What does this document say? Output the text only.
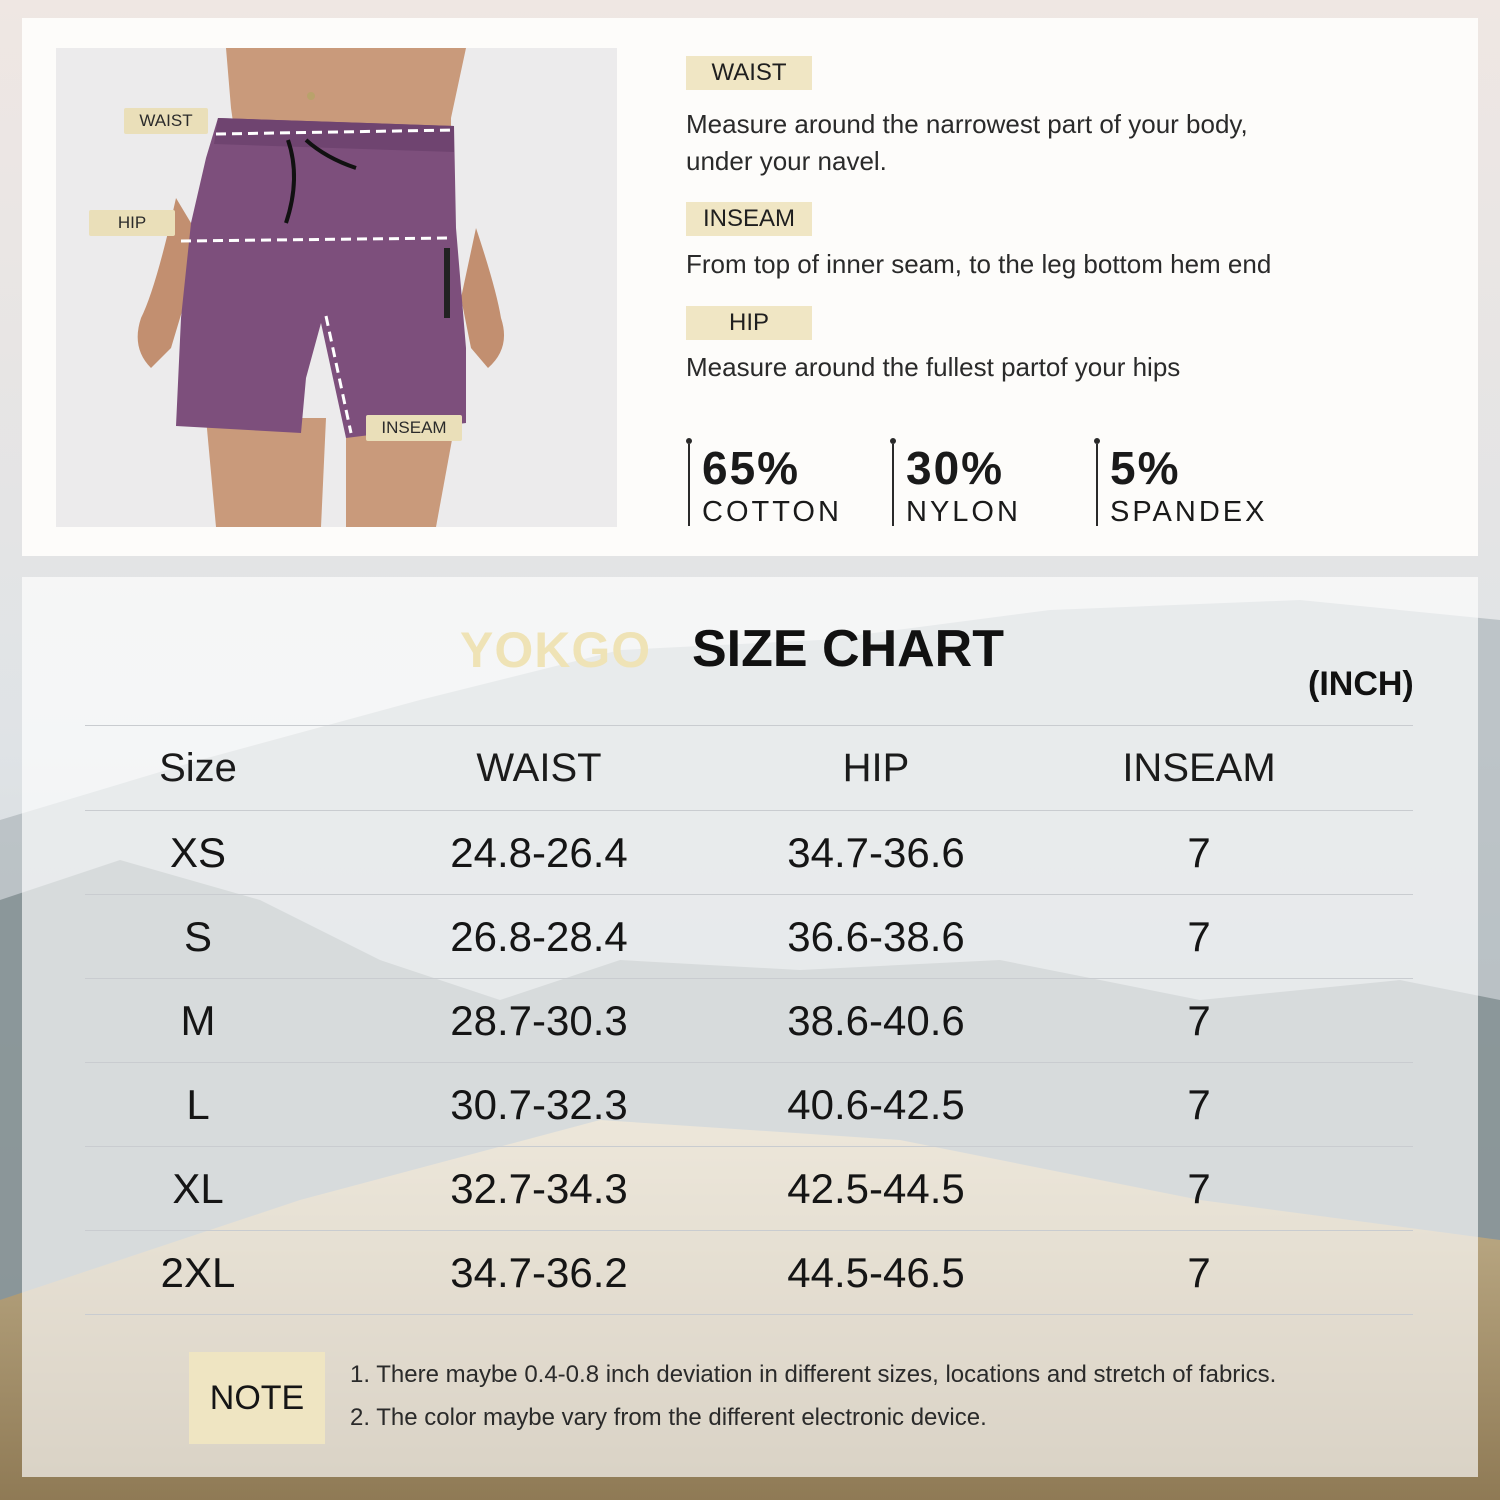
WAIST
HIP
INSEAM
WAIST
Measure around the narrowest part of your body,
under your navel.
INSEAM
From top of inner seam, to the leg bottom hem end
HIP
Measure around the fullest partof your hips
65%
COTTON
30%
NYLON
5%
SPANDEX
YOKGO SIZE CHART
(INCH)
Size	WAIST	HIP	INSEAM
XS	24.8-26.4	34.7-36.6	7
S	26.8-28.4	36.6-38.6	7
M	28.7-30.3	38.6-40.6	7
L	30.7-32.3	40.6-42.5	7
XL	32.7-34.3	42.5-44.5	7
2XL	34.7-36.2	44.5-46.5	7
NOTE
1. There maybe 0.4-0.8 inch deviation in different sizes, locations and stretch of fabrics.
2. The color maybe vary from the different electronic device.
